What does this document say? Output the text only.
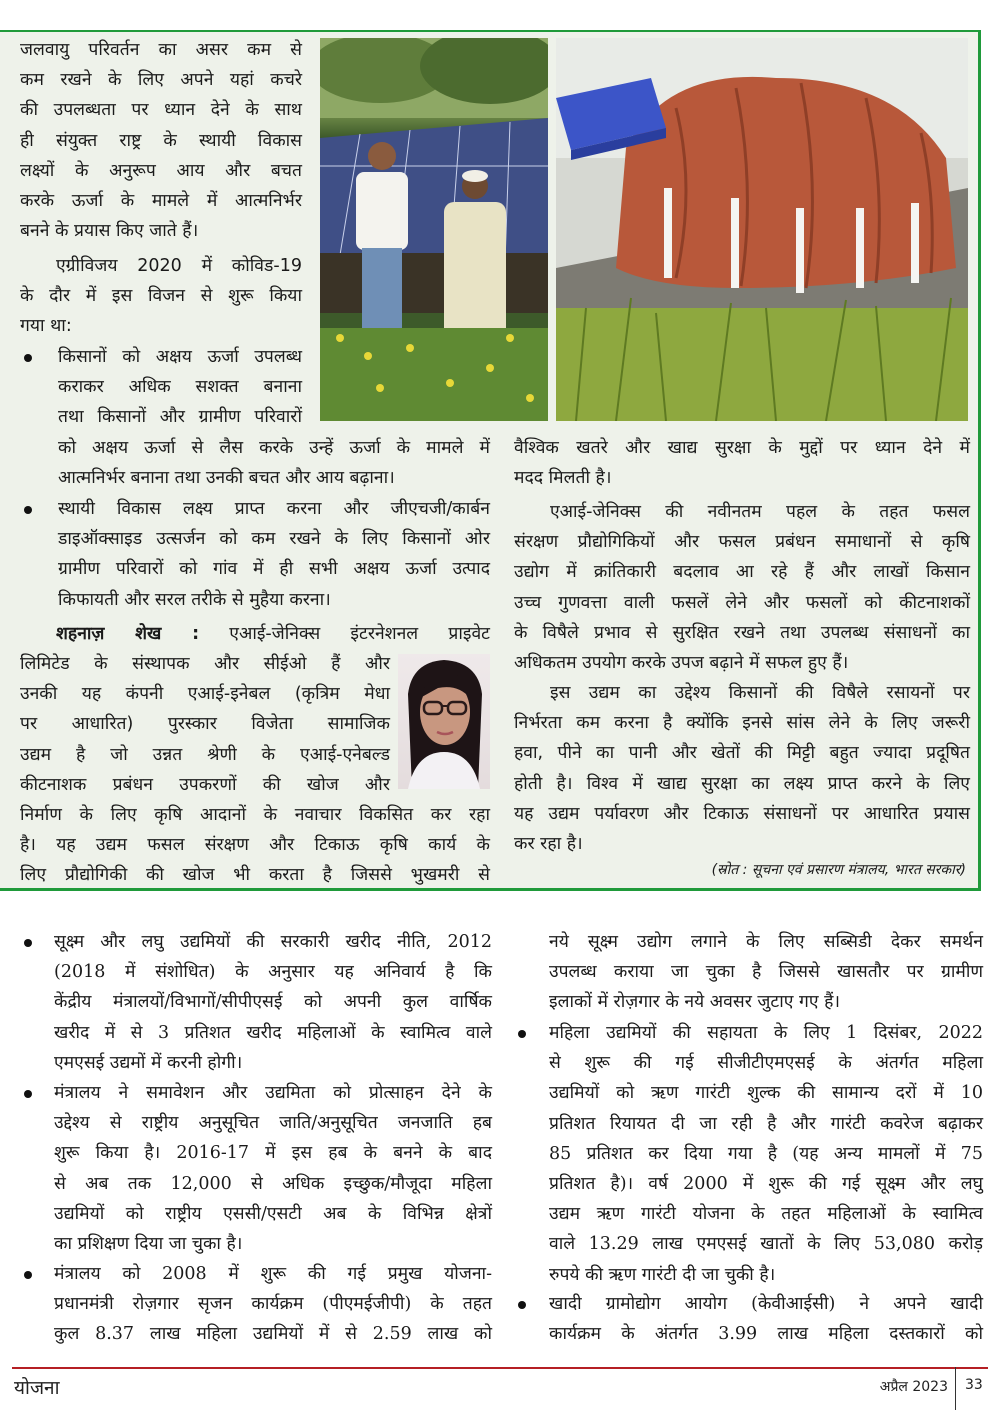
जलवायु परिवर्तन का असर कम से
कम रखने के लिए अपने यहां कचरे
की उपलब्धता पर ध्यान देने के साथ
ही संयुक्त राष्ट्र के स्थायी विकास
लक्ष्यों के अनुरूप आय और बचत
करके ऊर्जा के मामले में आत्मनिर्भर
बनने के प्रयास किए जाते हैं।
एग्रीविजय 2020 में कोविड-19
के दौर में इस विजन से शुरू किया
गया था:
किसानों को अक्षय ऊर्जा उपलब्ध
कराकर अधिक सशक्त बनाना
तथा किसानों और ग्रामीण परिवारों
को अक्षय ऊर्जा से लैस करके उन्हें ऊर्जा के मामले में
आत्मनिर्भर बनाना तथा उनकी बचत और आय बढ़ाना।
स्थायी विकास लक्ष्य प्राप्त करना और जीएचजी/कार्बन
डाइऑक्साइड उत्सर्जन को कम रखने के लिए किसानों ओर
ग्रामीण परिवारों को गांव में ही सभी अक्षय ऊर्जा उत्पाद
किफायती और सरल तरीके से मुहैया करना।
शहनाज़ शेख : एआई-जेनिक्स इंटरनेशनल प्राइवेट
लिमिटेड के संस्थापक और सीईओ हैं और
उनकी यह कंपनी एआई-इनेबल (कृत्रिम मेधा
पर आधारित) पुरस्कार विजेता सामाजिक
उद्यम है जो उन्नत श्रेणी के एआई-एनेबल्ड
कीटनाशक प्रबंधन उपकरणों की खोज और
निर्माण के लिए कृषि आदानों के नवाचार विकसित कर रहा
है। यह उद्यम फसल संरक्षण और टिकाऊ कृषि कार्य के
लिए प्रौद्योगिकी की खोज भी करता है जिससे भुखमरी से
वैश्विक खतरे और खाद्य सुरक्षा के मुद्दों पर ध्यान देने में
मदद मिलती है।
एआई-जेनिक्स की नवीनतम पहल के तहत फसल
संरक्षण प्रौद्योगिकियों और फसल प्रबंधन समाधानों से कृषि
उद्योग में क्रांतिकारी बदलाव आ रहे हैं और लाखों किसान
उच्च गुणवत्ता वाली फसलें लेने और फसलों को कीटनाशकों
के विषैले प्रभाव से सुरक्षित रखने तथा उपलब्ध संसाधनों का
अधिकतम उपयोग करके उपज बढ़ाने में सफल हुए हैं।
इस उद्यम का उद्देश्य किसानों की विषैले रसायनों पर
निर्भरता कम करना है क्योंकि इनसे सांस लेने के लिए जरूरी
हवा, पीने का पानी और खेतों की मिट्टी बहुत ज्यादा प्रदूषित
होती है। विश्व में खाद्य सुरक्षा का लक्ष्य प्राप्त करने के लिए
यह उद्यम पर्यावरण और टिकाऊ संसाधनों पर आधारित प्रयास
कर रहा है।
(स्रोत : सूचना एवं प्रसारण मंत्रालय, भारत सरकार)
सूक्ष्म और लघु उद्यमियों की सरकारी खरीद नीति, 2012
(2018 में संशोधित) के अनुसार यह अनिवार्य है कि
केंद्रीय मंत्रालयों/विभागों/सीपीएसई को अपनी कुल वार्षिक
खरीद में से 3 प्रतिशत खरीद महिलाओं के स्वामित्व वाले
एमएसई उद्यमों में करनी होगी।
मंत्रालय ने समावेशन और उद्यमिता को प्रोत्साहन देने के
उद्देश्य से राष्ट्रीय अनुसूचित जाति/अनुसूचित जनजाति हब
शुरू किया है। 2016-17 में इस हब के बनने के बाद
से अब तक 12,000 से अधिक इच्छुक/मौजूदा महिला
उद्यमियों को राष्ट्रीय एससी/एसटी अब के विभिन्न क्षेत्रों
का प्रशिक्षण दिया जा चुका है।
मंत्रालय को 2008 में शुरू की गई प्रमुख योजना-
प्रधानमंत्री रोज़गार सृजन कार्यक्रम (पीएमईजीपी) के तहत
कुल 8.37 लाख महिला उद्यमियों में से 2.59 लाख को
नये सूक्ष्म उद्योग लगाने के लिए सब्सिडी देकर समर्थन
उपलब्ध कराया जा चुका है जिससे खासतौर पर ग्रामीण
इलाकों में रोज़गार के नये अवसर जुटाए गए हैं।
महिला उद्यमियों की सहायता के लिए 1 दिसंबर, 2022
से शुरू की गई सीजीटीएमएसई के अंतर्गत महिला
उद्यमियों को ऋण गारंटी शुल्क की सामान्य दरों में 10
प्रतिशत रियायत दी जा रही है और गारंटी कवरेज बढ़ाकर
85 प्रतिशत कर दिया गया है (यह अन्य मामलों में 75
प्रतिशत है)। वर्ष 2000 में शुरू की गई सूक्ष्म और लघु
उद्यम ऋण गारंटी योजना के तहत महिलाओं के स्वामित्व
वाले 13.29 लाख एमएसई खातों के लिए 53,080 करोड़
रुपये की ऋण गारंटी दी जा चुकी है।
खादी ग्रामोद्योग आयोग (केवीआईसी) ने अपने खादी
कार्यक्रम के अंतर्गत 3.99 लाख महिला दस्तकारों को
योजना	अप्रैल 2023 33
